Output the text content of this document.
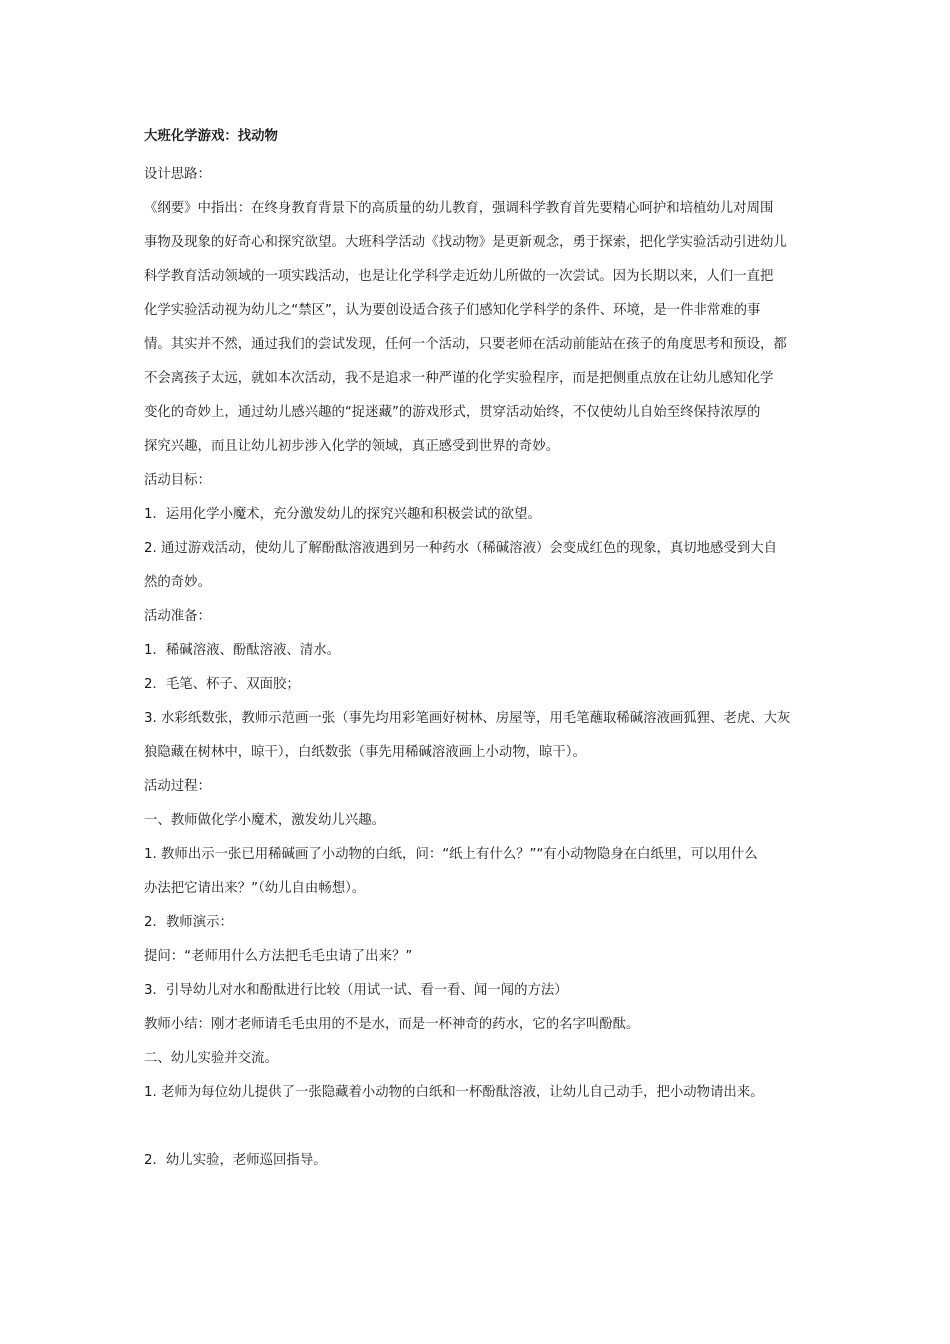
大班化学游戏：找动物
设计思路：
《纲要》中指出：在终身教育背景下的高质量的幼儿教育，强调科学教育首先要精心呵护和培植幼儿对周围
事物及现象的好奇心和探究欲望。大班科学活动《找动物》是更新观念，勇于探索，把化学实验活动引进幼儿
科学教育活动领域的一项实践活动，也是让化学科学走近幼儿所做的一次尝试。因为长期以来，人们一直把
化学实验活动视为幼儿之“禁区”，认为要创设适合孩子们感知化学科学的条件、环境，是一件非常难的事
情。其实并不然，通过我们的尝试发现，任何一个活动，只要老师在活动前能站在孩子的角度思考和预设，都
不会离孩子太远，就如本次活动，我不是追求一种严谨的化学实验程序，而是把侧重点放在让幼儿感知化学
变化的奇妙上，通过幼儿感兴趣的“捉迷藏”的游戏形式，贯穿活动始终，不仅使幼儿自始至终保持浓厚的
探究兴趣，而且让幼儿初步涉入化学的领域，真正感受到世界的奇妙。
活动目标：
1．运用化学小魔术，充分激发幼儿的探究兴趣和积极尝试的欲望。
2. 通过游戏活动，使幼儿了解酚酞溶液遇到另一种药水（稀碱溶液）会变成红色的现象，真切地感受到大自
然的奇妙。
活动准备：
1．稀碱溶液、酚酞溶液、清水。
2．毛笔、杯子、双面胶；
3. 水彩纸数张，教师示范画一张（事先均用彩笔画好树林、房屋等，用毛笔蘸取稀碱溶液画狐狸、老虎、大灰
狼隐藏在树林中，晾干），白纸数张（事先用稀碱溶液画上小动物，晾干）。
活动过程：
一、教师做化学小魔术，激发幼儿兴趣。
1. 教师出示一张已用稀碱画了小动物的白纸，问：“纸上有什么？”“有小动物隐身在白纸里，可以用什么
办法把它请出来？”（幼儿自由畅想）。
2．教师演示：
提问：“老师用什么方法把毛毛虫请了出来？”
3．引导幼儿对水和酚酞进行比较（用试一试、看一看、闻一闻的方法）
教师小结：刚才老师请毛毛虫用的不是水，而是一杯神奇的药水，它的名字叫酚酞。
二、幼儿实验并交流。
1. 老师为每位幼儿提供了一张隐藏着小动物的白纸和一杯酚酞溶液，让幼儿自己动手，把小动物请出来。
2．幼儿实验，老师巡回指导。
